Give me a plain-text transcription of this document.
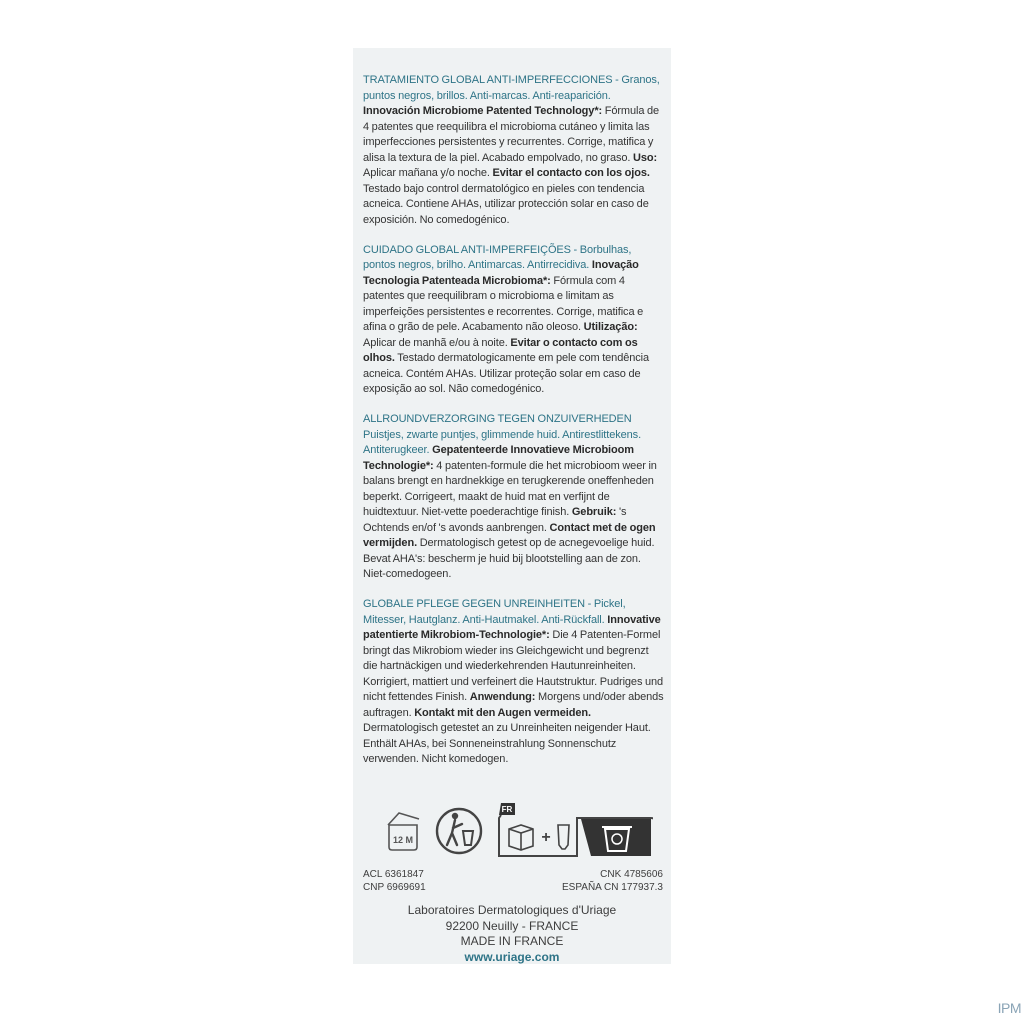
TRATAMIENTO GLOBAL ANTI-IMPERFECCIONES - Granos, puntos negros, brillos. Anti-marcas. Anti-reaparición. Innovación Microbiome Patented Technology*: Fórmula de 4 patentes que reequilibra el microbioma cutáneo y limita las imperfecciones persistentes y recurrentes. Corrige, matifica y alisa la textura de la piel. Acabado empolvado, no graso. Uso: Aplicar mañana y/o noche. Evitar el contacto con los ojos. Testado bajo control dermatológico en pieles con tendencia acneica. Contiene AHAs, utilizar protección solar en caso de exposición. No comedogénico.

CUIDADO GLOBAL ANTI-IMPERFEIÇÕES - Borbulhas, pontos negros, brilho. Antimarcas. Antirrecidiva. Inovação Tecnologia Patenteada Microbioma*: Fórmula com 4 patentes que reequilibram o microbioma e limitam as imperfeições persistentes e recorrentes. Corrige, matifica e afina o grão de pele. Acabamento não oleoso. Utilização: Aplicar de manhã e/ou à noite. Evitar o contacto com os olhos. Testado dermatologicamente em pele com tendência acneica. Contém AHAs. Utilizar proteção solar em caso de exposição ao sol. Não comedogénico.

ALLROUNDVERZORGING TEGEN ONZUIVERHEDEN Puistjes, zwarte puntjes, glimmende huid. Antirestlittekens. Antiterugkeer. Gepatenteerde Innovatieve Microbioom Technologie*: 4 patenten-formule die het microbioom weer in balans brengt en hardnekkige en terugkerende oneffenheden beperkt. Corrigeert, maakt de huid mat en verfijnt de huidtextuur. Niet-vette poederachtige finish. Gebruik: 's Ochtends en/of 's avonds aanbrengen. Contact met de ogen vermijden. Dermatologisch getest op de acnegevoelige huid. Bevat AHA's: bescherm je huid bij blootstelling aan de zon. Niet-comedogeen.

GLOBALE PFLEGE GEGEN UNREINHEITEN - Pickel, Mitesser, Hautglanz. Anti-Hautmakel. Anti-Rückfall. Innovative patentierte Mikrobiom-Technologie*: Die 4 Patenten-Formel bringt das Mikrobiom wieder ins Gleichgewicht und begrenzt die hartnäckigen und wiederkehrenden Hautunreinheiten. Korrigiert, mattiert und verfeinert die Hautstruktur. Pudriges und nicht fettendes Finish. Anwendung: Morgens und/oder abends auftragen. Kontakt mit den Augen vermeiden. Dermatologisch getestet an zu Unreinheiten neigender Haut. Enthält AHAs, bei Sonneneinstrahlung Sonnenschutz verwenden. Nicht komedogen.

12 M
FR
+
ACL 6361847
CNP 6969691
CNK 4785606
ESPAÑA CN 177937.3
Laboratoires Dermatologiques d'Uriage
92200 Neuilly - FRANCE
MADE IN FRANCE
www.uriage.com
IPM
